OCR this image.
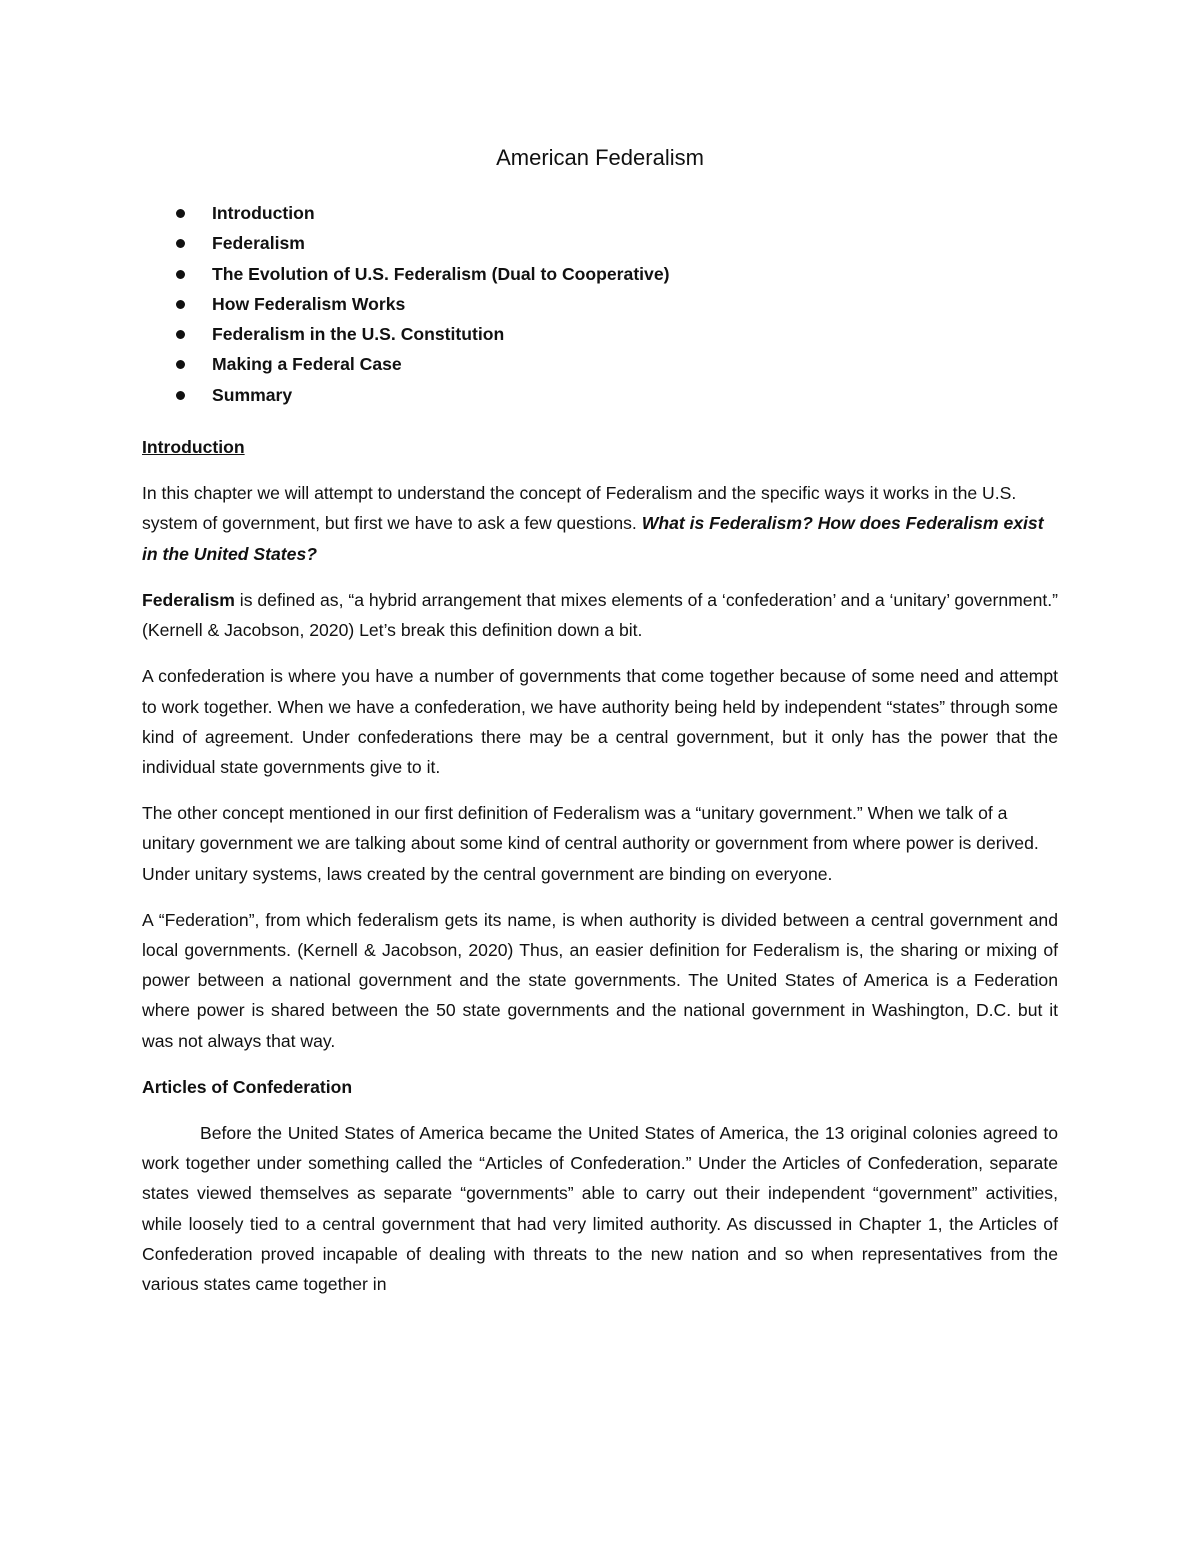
American Federalism
Introduction
Federalism
The Evolution of U.S. Federalism (Dual to Cooperative)
How Federalism Works
Federalism in the U.S. Constitution
Making a Federal Case
Summary
Introduction

In this chapter we will attempt to understand the concept of Federalism and the specific ways it works in the U.S. system of government, but first we have to ask a few questions. What is Federalism? How does Federalism exist in the United States?

Federalism is defined as, “a hybrid arrangement that mixes elements of a ‘confederation’ and a ‘unitary’ government.” (Kernell & Jacobson, 2020) Let’s break this definition down a bit.

A confederation is where you have a number of governments that come together because of some need and attempt to work together. When we have a confederation, we have authority being held by independent “states” through some kind of agreement. Under confederations there may be a central government, but it only has the power that the individual state governments give to it.

The other concept mentioned in our first definition of Federalism was a “unitary government.” When we talk of a unitary government we are talking about some kind of central authority or government from where power is derived. Under unitary systems, laws created by the central government are binding on everyone.

A “Federation”, from which federalism gets its name, is when authority is divided between a central government and local governments. (Kernell & Jacobson, 2020) Thus, an easier definition for Federalism is, the sharing or mixing of power between a national government and the state governments. The United States of America is a Federation where power is shared between the 50 state governments and the national government in Washington, D.C. but it was not always that way.

Articles of Confederation

Before the United States of America became the United States of America, the 13 original colonies agreed to work together under something called the “Articles of Confederation.” Under the Articles of Confederation, separate states viewed themselves as separate “governments” able to carry out their independent “government” activities, while loosely tied to a central government that had very limited authority. As discussed in Chapter 1, the Articles of Confederation proved incapable of dealing with threats to the new nation and so when representatives from the various states came together in
